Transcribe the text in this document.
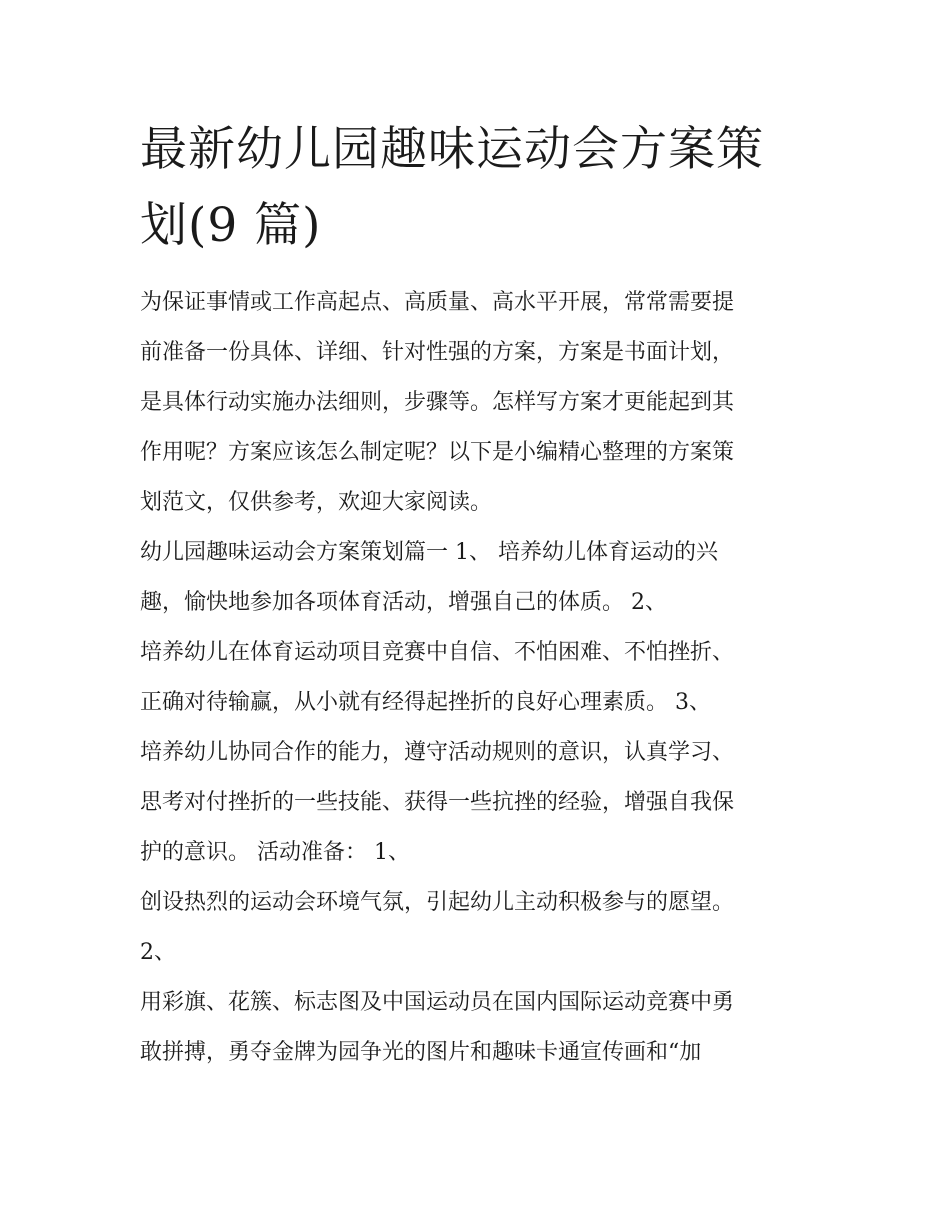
最新幼儿园趣味运动会方案策
划(9 篇)
为保证事情或工作高起点、高质量、高水平开展，常常需要提
前准备一份具体、详细、针对性强的方案，方案是书面计划，
是具体行动实施办法细则，步骤等。怎样写方案才更能起到其
作用呢？方案应该怎么制定呢？以下是小编精心整理的方案策
划范文，仅供参考，欢迎大家阅读。
幼儿园趣味运动会方案策划篇一 1、 培养幼儿体育运动的兴
趣，愉快地参加各项体育活动，增强自己的体质。 2、
培养幼儿在体育运动项目竞赛中自信、不怕困难、不怕挫折、
正确对待输赢，从小就有经得起挫折的良好心理素质。 3、
培养幼儿协同合作的能力，遵守活动规则的意识，认真学习、
思考对付挫折的一些技能、获得一些抗挫的经验，增强自我保
护的意识。 活动准备： 1、
创设热烈的运动会环境气氛，引起幼儿主动积极参与的愿望。
2、
用彩旗、花簇、标志图及中国运动员在国内国际运动竞赛中勇
敢拼搏，勇夺金牌为园争光的图片和趣味卡通宣传画和“加
